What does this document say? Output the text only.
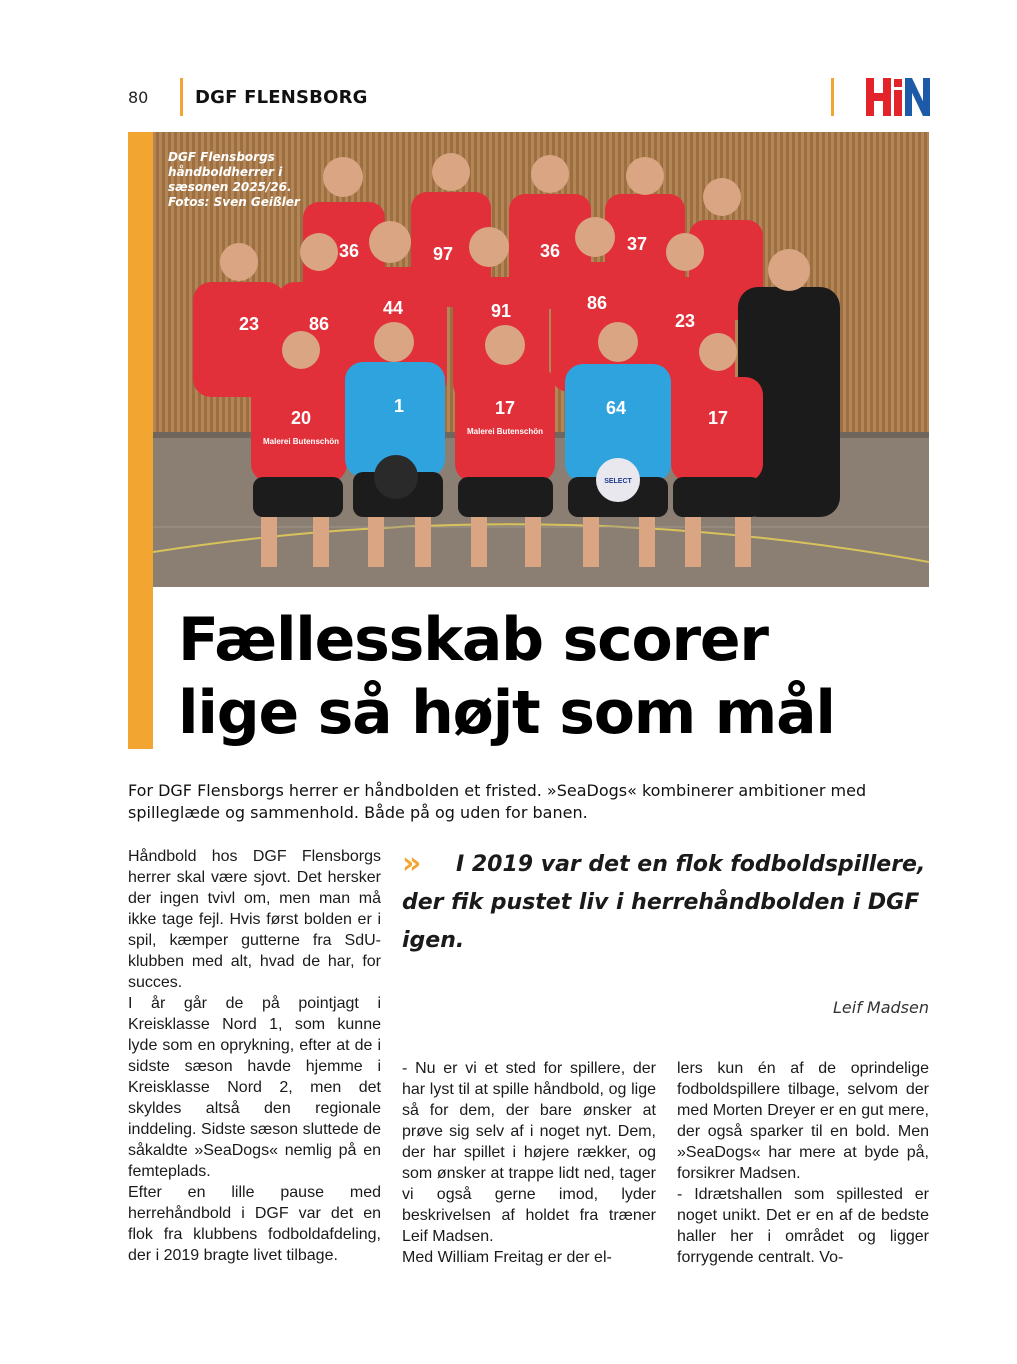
80	DGF FLENSBORG
36	97	36	37
23	86
44	91	86
23
20
1	17	64	17
Malerei Butenschön
Malerei Butenschön
SELECT
DGF Flensborgs håndboldherrer i sæsonen 2025/26. Fotos: Sven Geißler
Fællesskab scorer
lige så højt som mål
For DGF Flensborgs herrer er håndbolden et fristed. »SeaDogs« kombinerer ambitioner med spilleglæde og sammenhold. Både på og uden for banen.

Håndbold hos DGF Flensborgs herrer skal være sjovt. Det hersker der ingen tvivl om, men man må ikke tage fejl. Hvis først bolden er i spil, kæmper gutterne fra SdU-klubben med alt, hvad de har, for succes.

I år går de på pointjagt i Kreisklasse Nord 1, som kunne lyde som en oprykning, efter at de i sidste sæson havde hjemme i Kreisklasse Nord 2, men det skyldes altså den regionale inddeling. Sidste sæson sluttede de såkaldte »SeaDogs« nemlig på en femteplads.

Efter en lille pause med herrehåndbold i DGF var det en flok fra klubbens fodboldafdeling, der i 2019 bragte livet tilbage.

»	I 2019 var det en flok fodboldspillere, der fik pustet liv i herrehåndbolden i DGF igen.
Leif Madsen

- Nu er vi et sted for spillere, der har lyst til at spille håndbold, og lige så for dem, der bare ønsker at prøve sig selv af i noget nyt. Dem, der har spillet i højere rækker, og som ønsker at trappe lidt ned, tager vi også gerne imod, lyder beskrivelsen af holdet fra træner Leif Madsen.

Med William Freitag er der el-

lers kun én af de oprindelige fodboldspillere tilbage, selvom der med Morten Dreyer er en gut mere, der også sparker til en bold. Men »SeaDogs« har mere at byde på, forsikrer Madsen.

- Idrætshallen som spillested er noget unikt. Det er en af de bedste haller her i området og ligger forrygende centralt. Vo-
